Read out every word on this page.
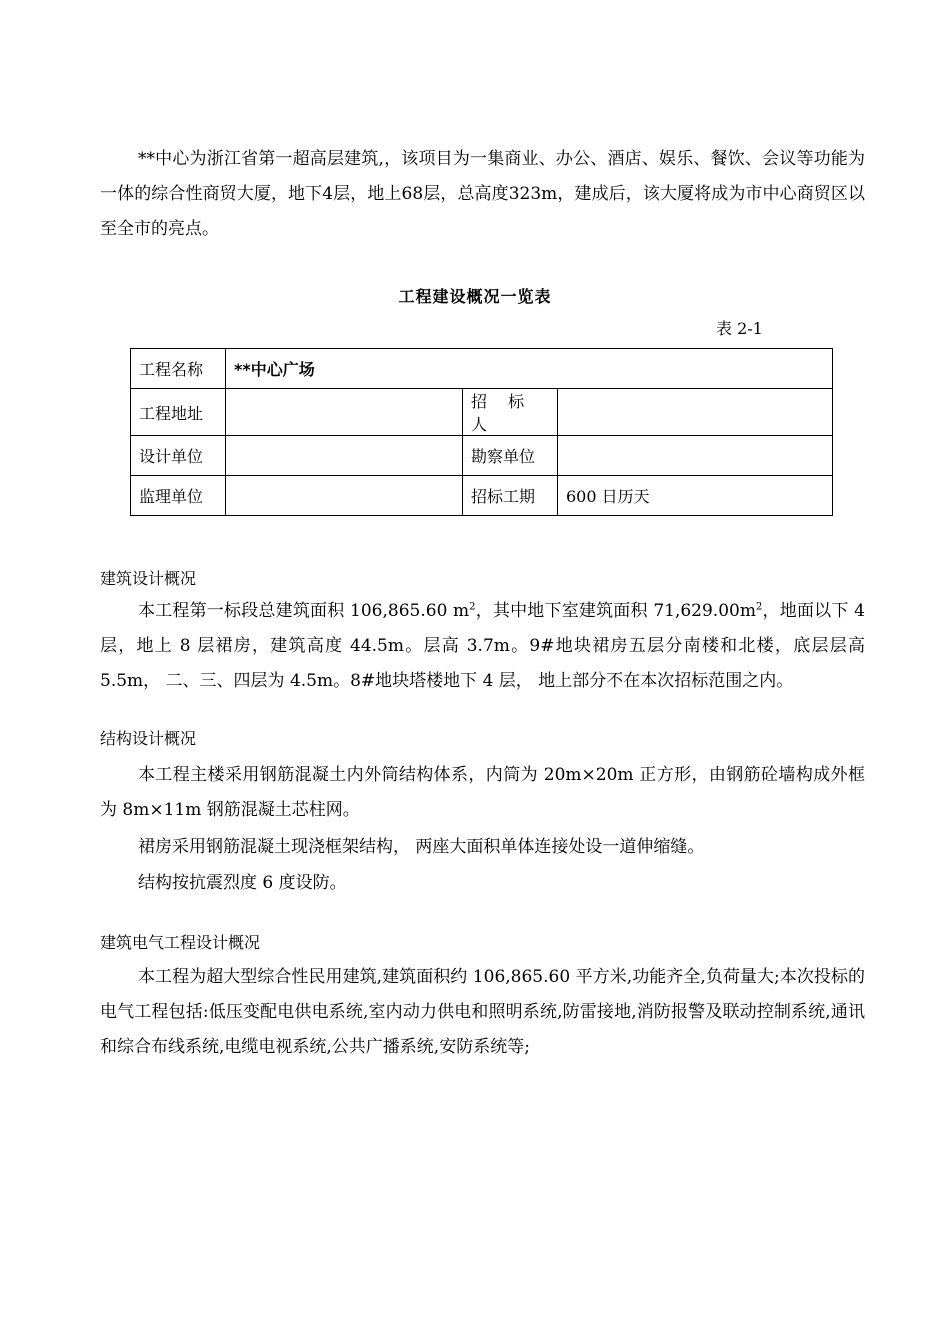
**中心为浙江省第一超高层建筑,，该项目为一集商业、办公、酒店、娱乐、餐饮、会议等功能为一体的综合性商贸大厦，地下4层，地上68层，总高度323m，建成后，该大厦将成为市中心商贸区以至全市的亮点。

工程建设概况一览表
表 2-1
工程名称	**中心广场		
工程地址		招 标 人	
设计单位		勘察单位	
监理单位		招标工期	600 日历天
建筑设计概况

本工程第一标段总建筑面积 106,865.60 $m^2$，其中地下室建筑面积 $71,629.00m^2$，地面以下 4 层，地上 8 层裙房，建筑高度 44.5m。层高 3.7m。9#地块裙房五层分南楼和北楼，底层层高 5.5m， 二、三、四层为 4.5m。8#地块塔楼地下 4 层， 地上部分不在本次招标范围之内。

结构设计概况

本工程主楼采用钢筋混凝土内外筒结构体系，内筒为 20m×20m 正方形，由钢筋砼墙构成外框为 8m×11m 钢筋混凝土芯柱网。

裙房采用钢筋混凝土现浇框架结构， 两座大面积单体连接处设一道伸缩缝。

结构按抗震烈度 6 度设防。

建筑电气工程设计概况

本工程为超大型综合性民用建筑,建筑面积约 106,865.60 平方米,功能齐全,负荷量大;本次投标的电气工程包括:低压变配电供电系统,室内动力供电和照明系统,防雷接地,消防报警及联动控制系统,通讯和综合布线系统,电缆电视系统,公共广播系统,安防系统等;
